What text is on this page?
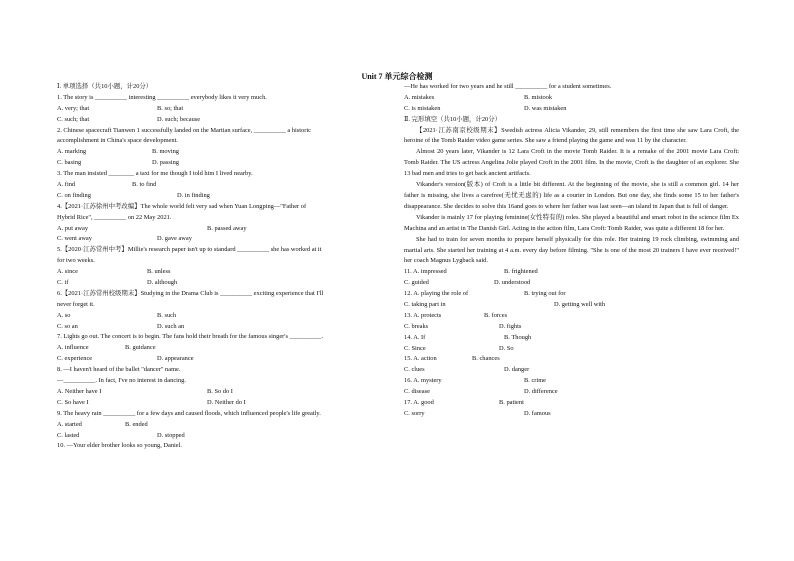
Unit 7 单元综合检测
Ⅰ. 单项选择（共10小题，计20分）
1. The story is __________ interesting __________ everybody likes it very much.
A. very; that	B. so; that
C. such; that	D. such; because
2. Chinese spacecraft Tianwen 1 successfully landed on the Martian surface, __________ a historic
accomplishment in China's space development.
A. marking	B. moving
C. basing	D. passing
3. The man insisted ________ a taxi for me though I told him I lived nearby.
A. find	B. to find
C. on finding	D. in finding
4.【2021·江苏徐州中考改编】The whole world felt very sad when Yuan Longping—"Father of
Hybrid Rice", __________ on 22 May 2021.
A. put away	B. passed away
C. went away	D. gave away
5.【2020·江苏常州中考】Millie's research paper isn't up to standard __________ she has worked at it
for two weeks.
A. since	B. unless
C. if	D. although
6.【2021·江苏常州校级期末】Studying in the Drama Club is __________ exciting experience that I'll
never forget it.
A. so	B. such
C. so an	D. such an
7. Lights go out. The concert is to begin. The fans hold their breath for the famous singer's __________.
A. influence	B. guidance
C. experience	D. appearance
8. —I haven't heard of the ballet "dancer" name.
—__________. In fact, I've no interest in dancing.
A. Neither have I	B. So do I
C. So have I	D. Neither do I
9. The heavy rain __________ for a few days and caused floods, which influenced people's life greatly.
A. started	B. ended
C. lasted	D. stopped
10. —Your elder brother looks so young, Daniel.
—He has worked for two years and he still __________ for a student sometimes.
A. mistakes	B. mistook
C. is mistaken	D. was mistaken
Ⅱ. 完形填空（共10小题，计20分）
【2021·江苏南京校级期末】Swedish actress Alicia Vikander, 29, still remembers the first time she saw Lara Croft, the heroine of the Tomb Raider video game series. She saw a friend playing the game and was 11 by the character.
Almost 20 years later, Vikander is 12 Lara Croft in the movie Tomb Raider. It is a remake of the 2001 movie Lara Croft: Tomb Raider. The US actress Angelina Jolie played Croft in the 2001 film. In the movie, Croft is the daughter of an explorer. She 13 bad men and tries to get back ancient artifacts.
Vikander's version(版本) of Croft is a little bit different. At the beginning of the movie, she is still a common girl. 14 her father is missing, she lives a carefree(无忧无虑的) life as a courier in London. But one day, she finds some 15 to her father's disappearance. She decides to solve this 16and goes to where her father was last seen—an island in Japan that is full of danger.
Vikander is mainly 17 for playing feminine(女性特有的) roles. She played a beautiful and smart robot in the science film Ex Machina and an artist in The Danish Girl. Acting in the action film, Lara Croft: Tomb Raider, was quite a different 18 for her.
She had to train for seven months to prepare herself physically for this role. Her training 19 rock climbing, swimming and martial arts. She started her training at 4 a.m. every day before filming. "She is one of the most 20 trainers I have ever received!" her coach Magnus Lygback said.
11. A. impressed	B. frightened
C. guided	D. understood
12. A. playing the role of	B. trying out for
C. taking part in	D. getting well with
13. A. protects	B. forces
C. breaks	D. fights
14. A. If	B. Though
C. Since	D. So
15. A. action	B. chances
C. clues	D. danger
16. A. mystery	B. crime
C. disease	D. difference
17. A. good	B. patient
C. sorry	D. famous
